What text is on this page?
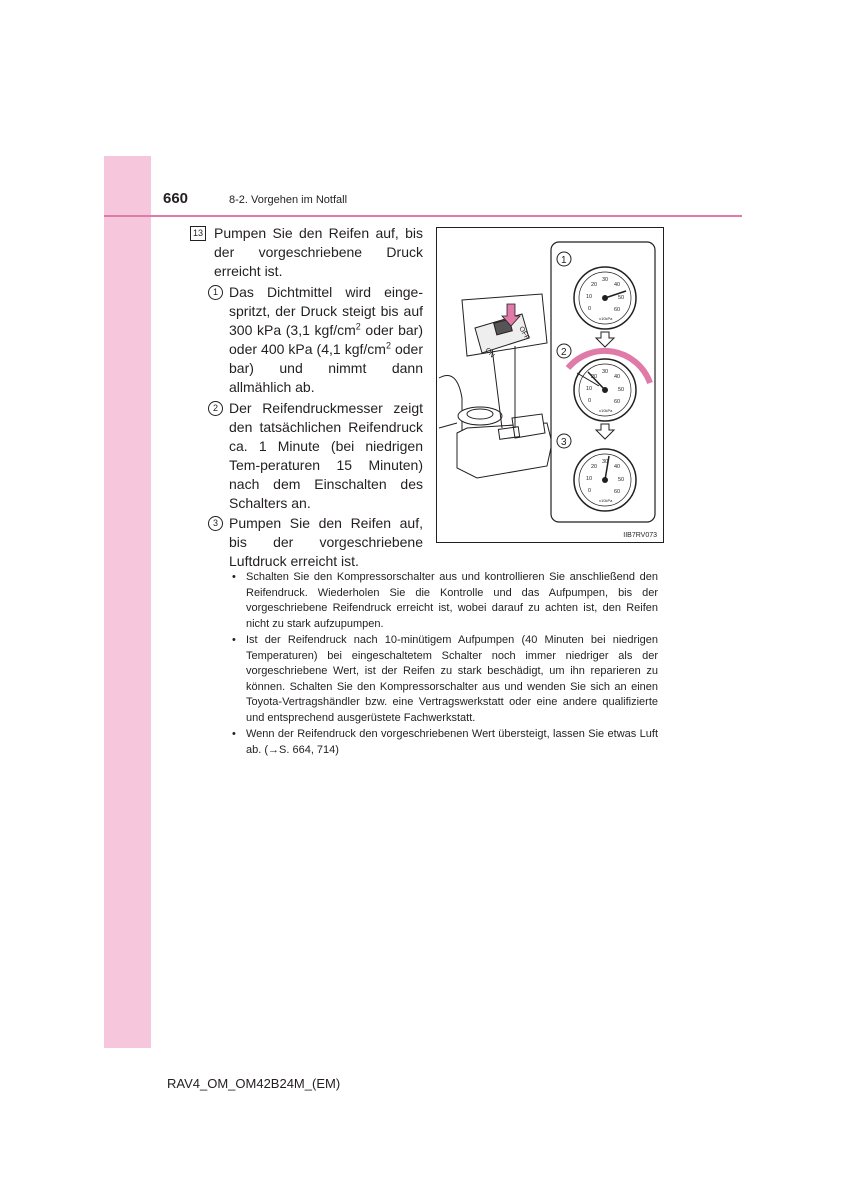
660	8-2. Vorgehen im Notfall
13 Pumpen Sie den Reifen auf, bis der vorgeschriebene Druck erreicht ist.
1 Das Dichtmittel wird einge-spritzt, der Druck steigt bis auf 300 kPa (3,1 kgf/$cm^2$ oder bar) oder 400 kPa (4,1 kgf/$cm^2$ oder bar) und nimmt dann allmählich ab.
2 Der Reifendruckmesser zeigt den tatsächlichen Reifendruck ca. 1 Minute (bei niedrigen Tem-peraturen 15 Minuten) nach dem Einschalten des Schalters an.
3 Pumpen Sie den Reifen auf, bis der vorgeschriebene Luftdruck erreicht ist.
• Schalten Sie den Kompressorschalter aus und kontrollieren Sie anschließend den Reifendruck. Wiederholen Sie die Kontrolle und das Aufpumpen, bis der vorgeschriebene Reifendruck erreicht ist, wobei darauf zu achten ist, den Reifen nicht zu stark aufzupumpen.
• Ist der Reifendruck nach 10-minütigem Aufpumpen (40 Minuten bei niedrigen Temperaturen) bei eingeschaltetem Schalter noch immer niedriger als der vorgeschriebene Wert, ist der Reifen zu stark beschädigt, um ihn reparieren zu können. Schalten Sie den Kompressorschalter aus und wenden Sie sich an einen Toyota-Vertragshändler bzw. eine Vertragswerkstatt oder eine andere qualifizierte und entsprechend ausgerüstete Fachwerkstatt.
• Wenn der Reifendruck den vorgeschriebenen Wert übersteigt, lassen Sie etwas Luft ab. (→S. 664, 714)
ON
OFF
0
10
20
30
40
50
60
x10kPa
0
10
20
30
40
50
60
x10kPa
0
10
20
30
40
50
60
x10kPa
1
2
3
IIB7RV073
RAV4_OM_OM42B24M_(EM)
